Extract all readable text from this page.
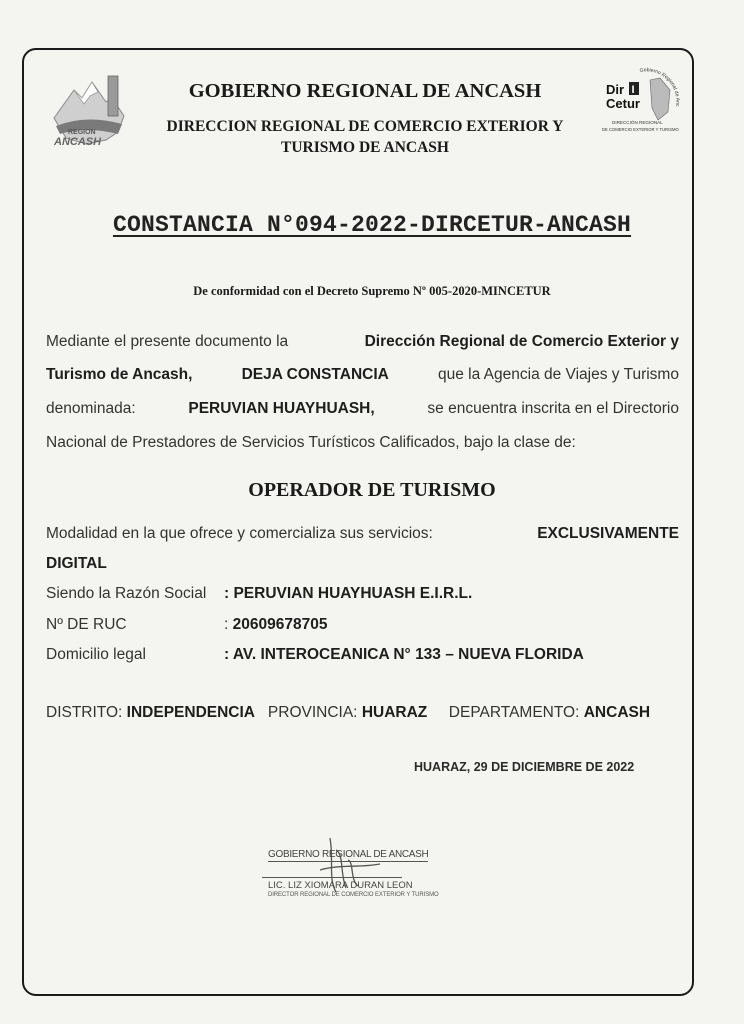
REGION
ANCASH
GOBIERNO REGIONAL DE ANCASH
DIRECCION REGIONAL DE COMERCIO EXTERIOR Y
TURISMO DE ANCASH
Gobierno Regional de Anc
Dir I
Cetur
DIRECCIÓN REGIONAL
DE COMERCIO EXTERIOR Y TURISMO
CONSTANCIA N°094-2022-DIRCETUR-ANCASH
De conformidad con el Decreto Supremo Nº 005-2020-MINCETUR
Mediante el presente documento la	Dirección Regional de Comercio Exterior y
Turismo de Ancash,	DEJA CONSTANCIA	que la Agencia de Viajes y Turismo
denominada:	PERUVIAN HUAYHUASH,	se encuentra inscrita en el Directorio
Nacional de Prestadores de Servicios Turísticos Calificados, bajo la clase de:
OPERADOR DE TURISMO
Modalidad en la que ofrece y comercializa sus servicios:	EXCLUSIVAMENTE
DIGITAL
Siendo la Razón Social : PERUVIAN HUAYHUASH E.I.R.L.
Nº DE RUC	: 20609678705
Domicilio legal	: AV. INTEROCEANICA N° 133 – NUEVA FLORIDA
DISTRITO: INDEPENDENCIA PROVINCIA: HUARAZ DEPARTAMENTO: ANCASH
HUARAZ, 29 DE DICIEMBRE DE 2022
GOBIERNO REGIONAL DE ANCASH
LIC. LIZ XIOMARA DURAN LEON
DIRECTOR REGIONAL DE COMERCIO EXTERIOR Y TURISMO
